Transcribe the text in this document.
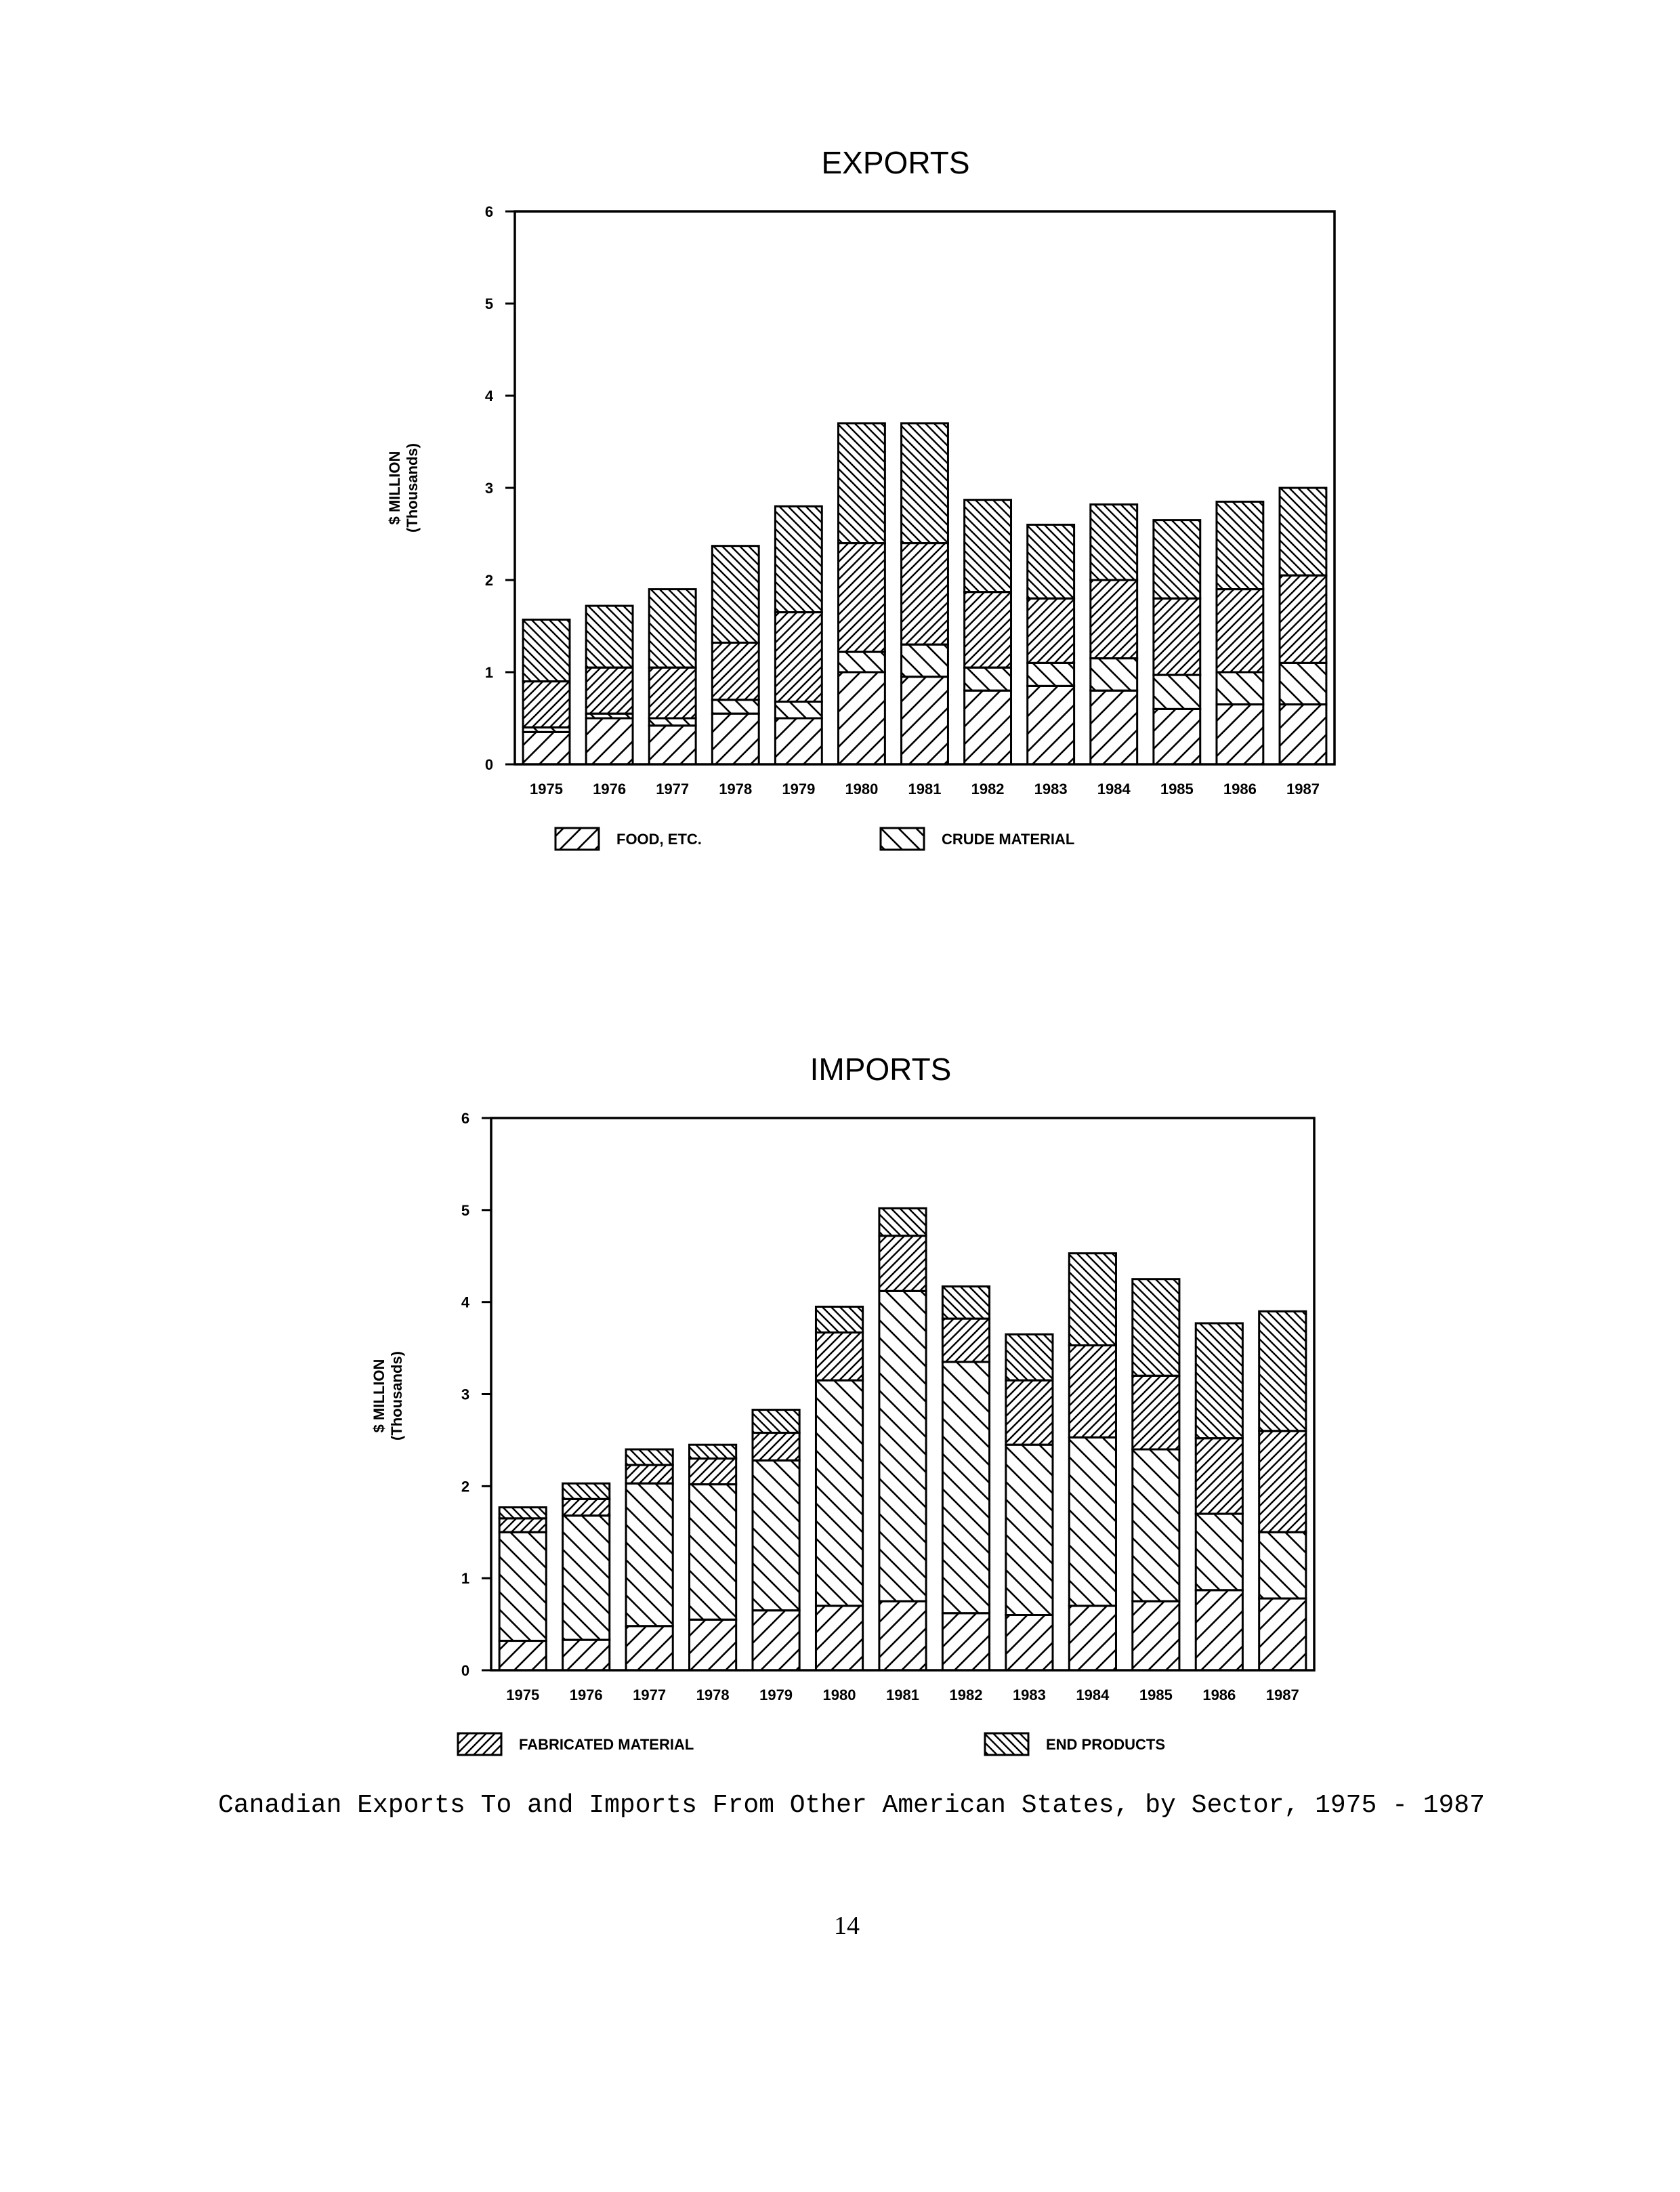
EXPORTS
0
1
2
3
4
5
6
1975 1976 1977 1978 1979 1980 1981 1982 1983 1984 1985 1986 1987
$ MILLION (Thousands)
FOOD, ETC.	CRUDE MATERIAL
IMPORTS
0
1
2
3
4
5
6
1975 1976 1977 1978 1979 1980 1981 1982 1983 1984 1985 1986 1987
$ MILLION (Thousands)
FABRICATED MATERIAL	END PRODUCTS
Canadian Exports To and Imports From Other American States, by Sector, 1975 - 1987
14
